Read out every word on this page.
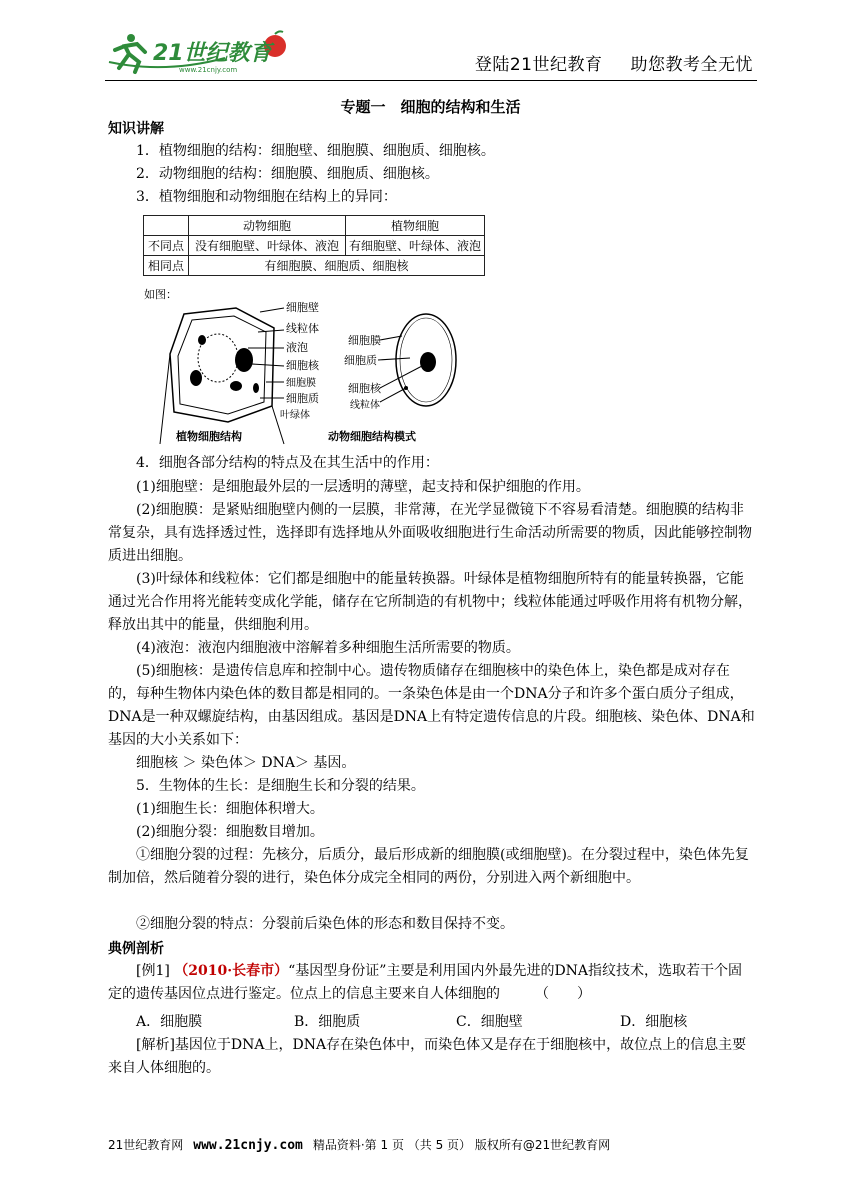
21世纪教育
www.21cnjy.com	登陆21世纪教育 助您教考全无忧
专题一　细胞的结构和生活
知识讲解
1．植物细胞的结构：细胞壁、细胞膜、细胞质、细胞核。
2．动物细胞的结构：细胞膜、细胞质、细胞核。
3．植物细胞和动物细胞在结构上的异同：
	动物细胞	植物细胞
不同点	没有细胞壁、叶绿体、液泡	有细胞壁、叶绿体、液泡
相同点	有细胞膜、细胞质、细胞核	
如图：
细胞壁
线粒体
液泡
细胞核
细胞膜
细胞质
叶绿体
植物细胞结构
细胞膜
细胞质
细胞核
线粒体
动物细胞结构模式
4．细胞各部分结构的特点及在其生活中的作用：
(1)细胞壁：是细胞最外层的一层透明的薄壁，起支持和保护细胞的作用。
(2)细胞膜：是紧贴细胞壁内侧的一层膜，非常薄，在光学显微镜下不容易看清楚。细胞膜的结构非常复杂，具有选择透过性，选择即有选择地从外面吸收细胞进行生命活动所需要的物质，因此能够控制物质进出细胞。
(3)叶绿体和线粒体：它们都是细胞中的能量转换器。叶绿体是植物细胞所特有的能量转换器，它能通过光合作用将光能转变成化学能，储存在它所制造的有机物中；线粒体能通过呼吸作用将有机物分解，释放出其中的能量，供细胞利用。
(4)液泡：液泡内细胞液中溶解着多种细胞生活所需要的物质。
(5)细胞核：是遗传信息库和控制中心。遗传物质储存在细胞核中的染色体上，染色都是成对存在的，每种生物体内染色体的数目都是相同的。一条染色体是由一个DNA分子和许多个蛋白质分子组成，DNA是一种双螺旋结构，由基因组成。基因是DNA上有特定遗传信息的片段。细胞核、染色体、DNA和基因的大小关系如下：
细胞核 ＞ 染色体＞ DNA＞ 基因。
5．生物体的生长：是细胞生长和分裂的结果。
(1)细胞生长：细胞体积增大。
(2)细胞分裂：细胞数目增加。
①细胞分裂的过程：先核分，后质分，最后形成新的细胞膜(或细胞壁)。在分裂过程中，染色体先复制加倍，然后随着分裂的进行，染色体分成完全相同的两份，分别进入两个新细胞中。
②细胞分裂的特点：分裂前后染色体的形态和数目保持不变。
典例剖析
[例1] （2010·长春市）“基因型身份证”主要是利用国内外最先进的DNA指纹技术，选取若干个固定的遗传基因位点进行鉴定。位点上的信息主要来自人体细胞的　　　（　　）
A．细胞膜	B．细胞质	C．细胞壁	D．细胞核
[解析]基因位于DNA上，DNA存在染色体中，而染色体又是存在于细胞核中，故位点上的信息主要来自人体细胞的。
21世纪教育网 www.21cnjy.com 精品资料·第 1 页 （共 5 页） 版权所有@21世纪教育网
